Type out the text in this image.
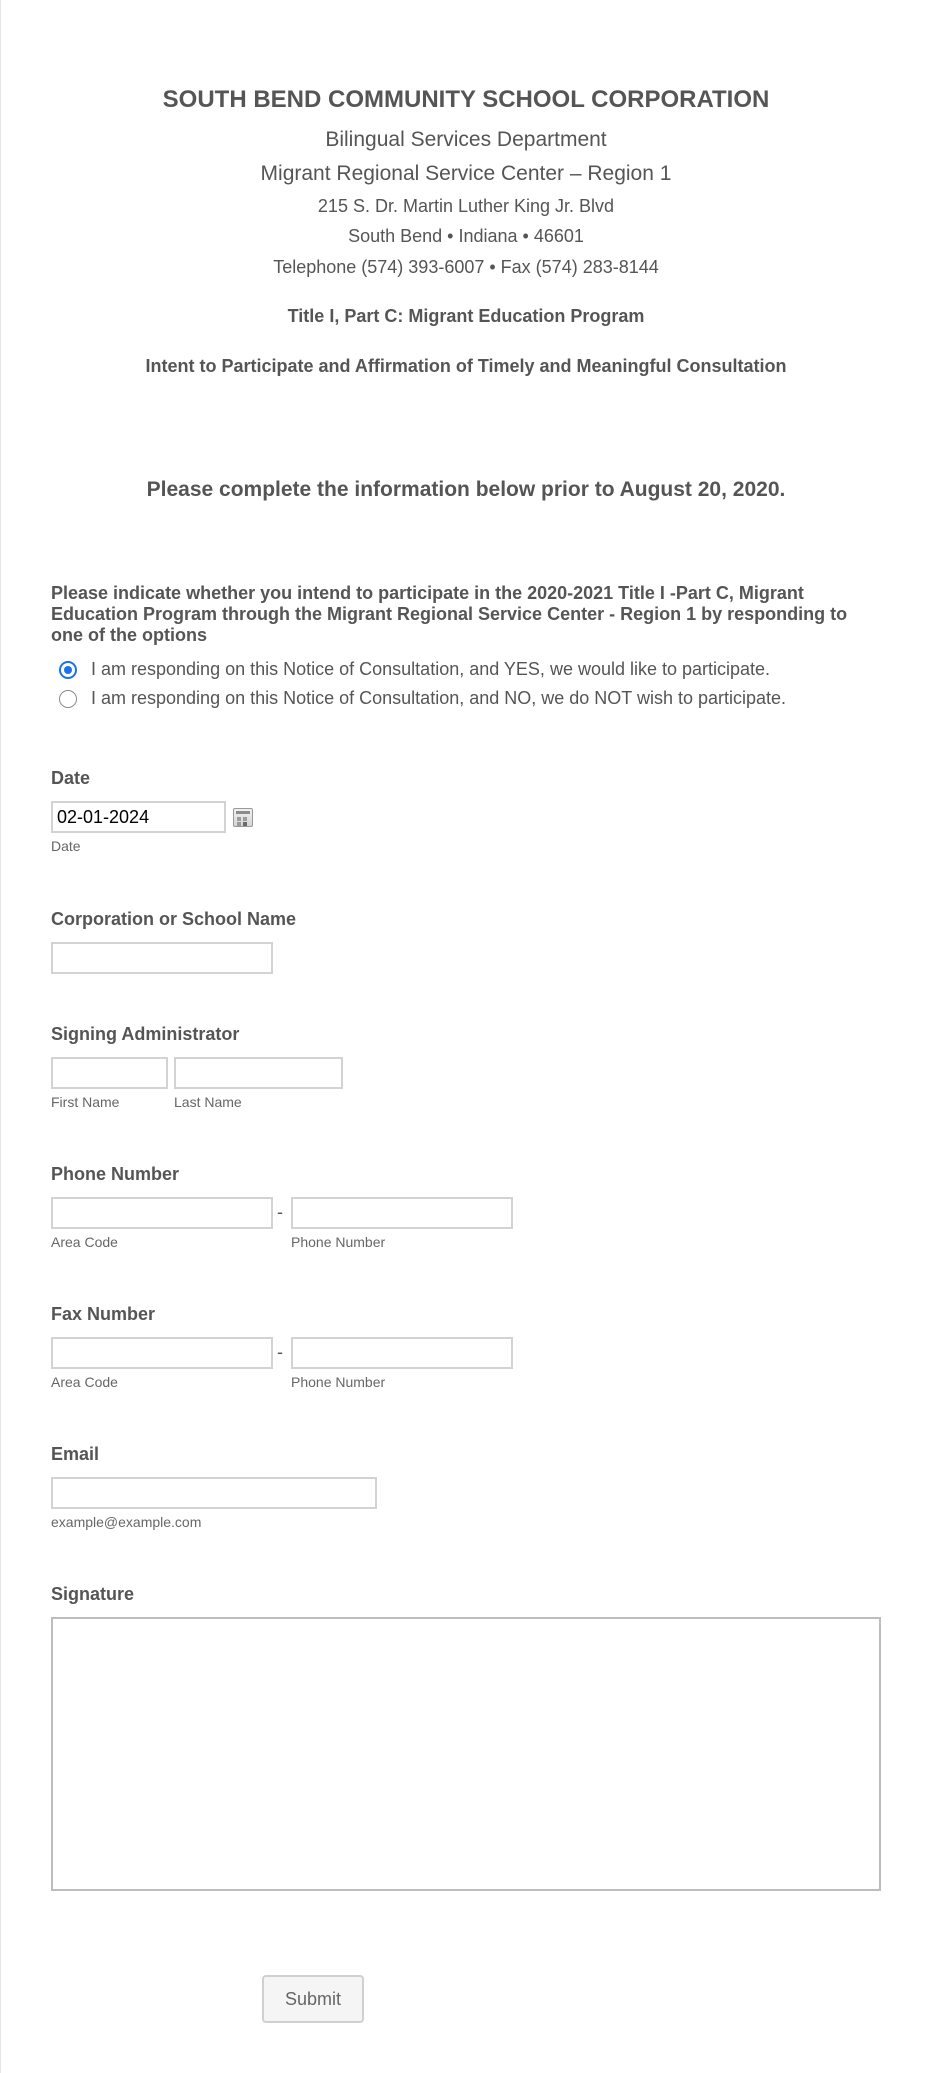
SOUTH BEND COMMUNITY SCHOOL CORPORATION
Bilingual Services Department
Migrant Regional Service Center – Region 1
215 S. Dr. Martin Luther King Jr. Blvd
South Bend • Indiana • 46601
Telephone (574) 393-6007 • Fax (574) 283-8144
Title I, Part C: Migrant Education Program
Intent to Participate and Affirmation of Timely and Meaningful Consultation
Please complete the information below prior to August 20, 2020.
Please indicate whether you intend to participate in the 2020-2021 Title I -Part C, Migrant Education Program through the Migrant Regional Service Center - Region 1 by responding to one of the options
I am responding on this Notice of Consultation, and YES, we would like to participate.
I am responding on this Notice of Consultation, and NO, we do NOT wish to participate.
Date
02-01-2024
Date
Corporation or School Name
Signing Administrator
First Name	Last Name
Phone Number
-
Area Code	Phone Number
Fax Number
-
Area Code	Phone Number
Email
example@example.com
Signature
Submit
